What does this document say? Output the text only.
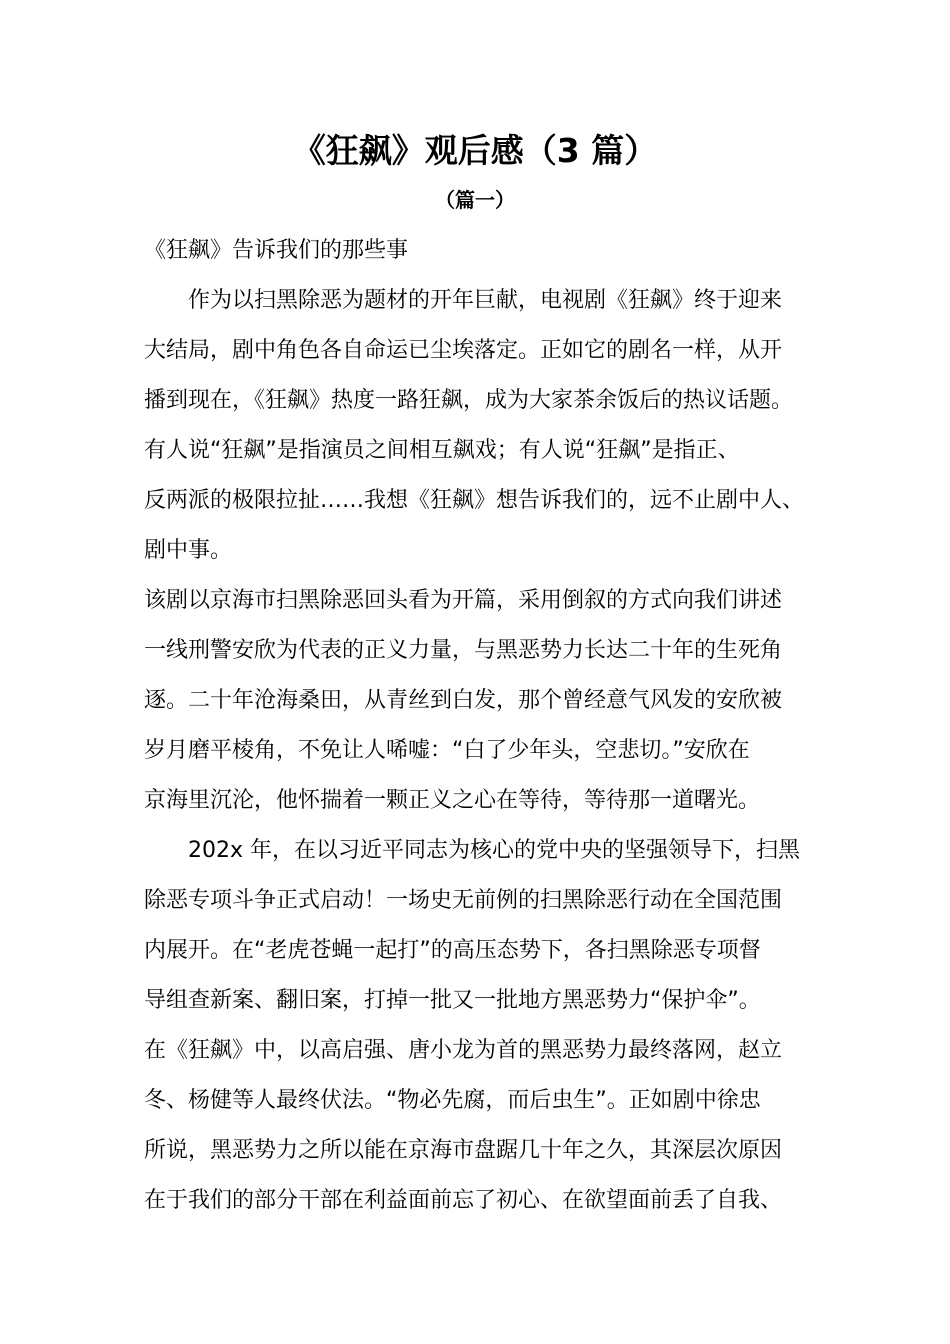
《狂飙》观后感（3 篇）
（篇一）
《狂飙》告诉我们的那些事
作为以扫黑除恶为题材的开年巨献，电视剧《狂飙》终于迎来
大结局，剧中角色各自命运已尘埃落定。正如它的剧名一样，从开
播到现在，《狂飙》热度一路狂飙，成为大家茶余饭后的热议话题。
有人说“狂飙”是指演员之间相互飙戏；有人说“狂飙”是指正、
反两派的极限拉扯……我想《狂飙》想告诉我们的，远不止剧中人、
剧中事。
该剧以京海市扫黑除恶回头看为开篇，采用倒叙的方式向我们讲述
一线刑警安欣为代表的正义力量，与黑恶势力长达二十年的生死角
逐。二十年沧海桑田，从青丝到白发，那个曾经意气风发的安欣被
岁月磨平棱角，不免让人唏嘘：“白了少年头，空悲切。”安欣在
京海里沉沦，他怀揣着一颗正义之心在等待，等待那一道曙光。
202x 年，在以习近平同志为核心的党中央的坚强领导下，扫黑
除恶专项斗争正式启动！一场史无前例的扫黑除恶行动在全国范围
内展开。在“老虎苍蝇一起打”的高压态势下，各扫黑除恶专项督
导组查新案、翻旧案，打掉一批又一批地方黑恶势力“保护伞”。
在《狂飙》中，以高启强、唐小龙为首的黑恶势力最终落网，赵立
冬、杨健等人最终伏法。“物必先腐，而后虫生”。正如剧中徐忠
所说，黑恶势力之所以能在京海市盘踞几十年之久，其深层次原因
在于我们的部分干部在利益面前忘了初心、在欲望面前丢了自我、
